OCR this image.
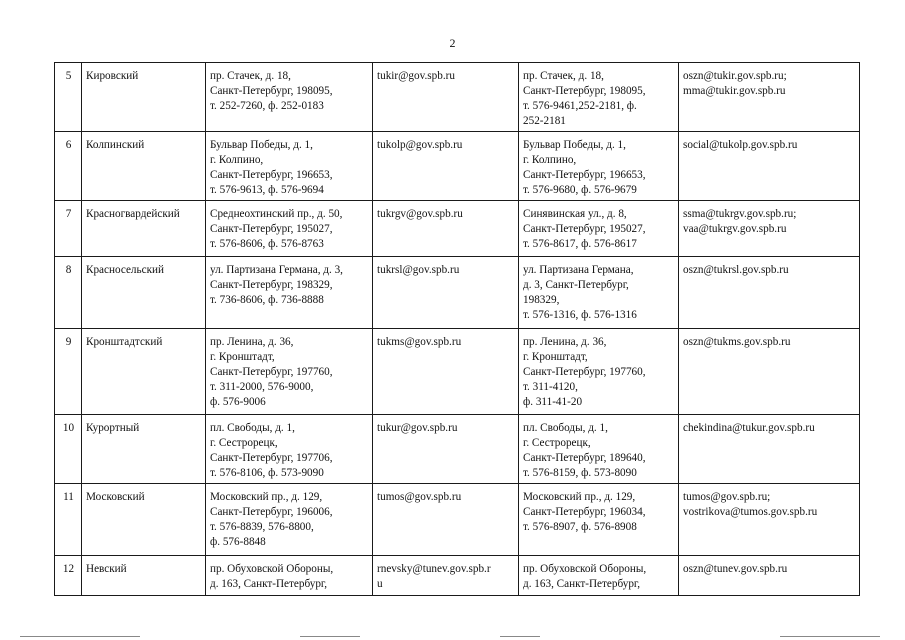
2
5	Кировский	пр. Стачек, д. 18,
Санкт-Петербург, 198095,
т. 252-7260, ф. 252-0183	tukir@gov.spb.ru	пр. Стачек, д. 18,
Санкт-Петербург, 198095,
т. 576-9461,252-2181, ф.
252-2181	oszn@tukir.gov.spb.ru;
mma@tukir.gov.spb.ru
6	Колпинский	Бульвар Победы, д. 1,
г. Колпино,
Санкт-Петербург, 196653,
т. 576-9613, ф. 576-9694	tukolp@gov.spb.ru	Бульвар Победы, д. 1,
г. Колпино,
Санкт-Петербург, 196653,
т. 576-9680, ф. 576-9679	social@tukolp.gov.spb.ru
7	Красногвардейский	Среднеохтинский пр., д. 50,
Санкт-Петербург, 195027,
т. 576-8606, ф. 576-8763	tukrgv@gov.spb.ru	Синявинская ул., д. 8,
Санкт-Петербург, 195027,
т. 576-8617, ф. 576-8617	ssma@tukrgv.gov.spb.ru;
vaa@tukrgv.gov.spb.ru
8	Красносельский	ул. Партизана Германа, д. 3,
Санкт-Петербург, 198329,
т. 736-8606, ф. 736-8888	tukrsl@gov.spb.ru	ул. Партизана Германа,
д. 3, Санкт-Петербург,
198329,
т. 576-1316, ф. 576-1316	oszn@tukrsl.gov.spb.ru
9	Кронштадтский	пр. Ленина, д. 36,
г. Кронштадт,
Санкт-Петербург, 197760,
т. 311-2000, 576-9000,
ф. 576-9006	tukms@gov.spb.ru	пр. Ленина, д. 36,
г. Кронштадт,
Санкт-Петербург, 197760,
т. 311-4120,
ф. 311-41-20	oszn@tukms.gov.spb.ru
10	Курортный	пл. Свободы, д. 1,
г. Сестрорецк,
Санкт-Петербург, 197706,
т. 576-8106, ф. 573-9090	tukur@gov.spb.ru	пл. Свободы, д. 1,
г. Сестрорецк,
Санкт-Петербург, 189640,
т. 576-8159, ф. 573-8090	chekindina@tukur.gov.spb.ru
11	Московский	Московский пр., д. 129,
Санкт-Петербург, 196006,
т. 576-8839, 576-8800,
ф. 576-8848	tumos@gov.spb.ru	Московский пр., д. 129,
Санкт-Петербург, 196034,
т. 576-8907, ф. 576-8908	tumos@gov.spb.ru;
vostrikova@tumos.gov.spb.ru
12	Невский	пр. Обуховской Обороны,
д. 163, Санкт-Петербург,	rnevsky@tunev.gov.spb.r
u	пр. Обуховской Обороны,
д. 163, Санкт-Петербург,	oszn@tunev.gov.spb.ru
